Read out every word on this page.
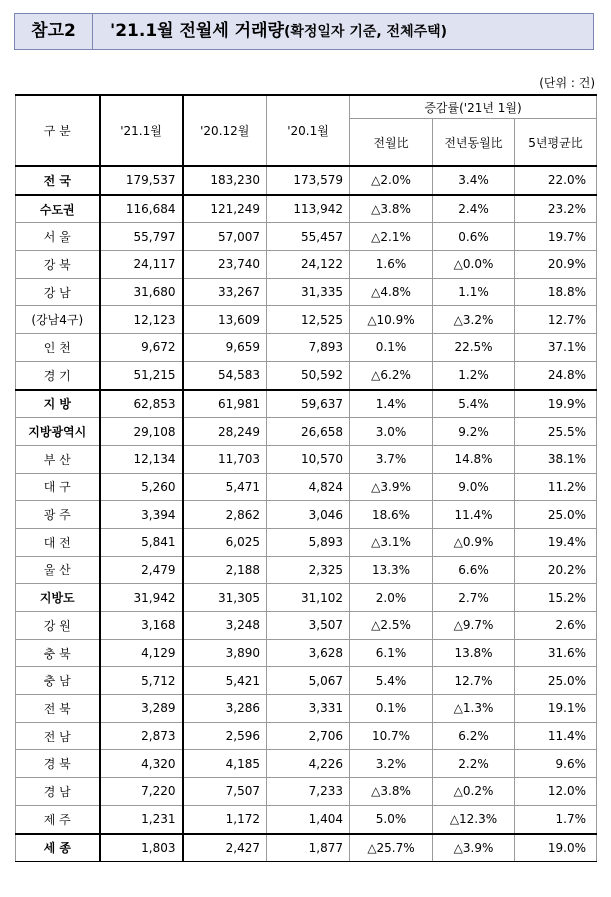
참고2	'21.1월 전월세 거래량(확정일자 기준, 전체주택)
(단위 : 건)
구 분	'21.1월	'20.12월	'20.1월	증감률('21년 1월)		
				전월比	전년동월比	5년평균比
전 국	179,537	183,230	173,579	△2.0%	3.4%	22.0%
수도권	116,684	121,249	113,942	△3.8%	2.4%	23.2%
서 울	55,797	57,007	55,457	△2.1%	0.6%	19.7%
강 북	24,117	23,740	24,122	1.6%	△0.0%	20.9%
강 남	31,680	33,267	31,335	△4.8%	1.1%	18.8%
(강남4구)	12,123	13,609	12,525	△10.9%	△3.2%	12.7%
인 천	9,672	9,659	7,893	0.1%	22.5%	37.1%
경 기	51,215	54,583	50,592	△6.2%	1.2%	24.8%
지 방	62,853	61,981	59,637	1.4%	5.4%	19.9%
지방광역시	29,108	28,249	26,658	3.0%	9.2%	25.5%
부 산	12,134	11,703	10,570	3.7%	14.8%	38.1%
대 구	5,260	5,471	4,824	△3.9%	9.0%	11.2%
광 주	3,394	2,862	3,046	18.6%	11.4%	25.0%
대 전	5,841	6,025	5,893	△3.1%	△0.9%	19.4%
울 산	2,479	2,188	2,325	13.3%	6.6%	20.2%
지방도	31,942	31,305	31,102	2.0%	2.7%	15.2%
강 원	3,168	3,248	3,507	△2.5%	△9.7%	2.6%
충 북	4,129	3,890	3,628	6.1%	13.8%	31.6%
충 남	5,712	5,421	5,067	5.4%	12.7%	25.0%
전 북	3,289	3,286	3,331	0.1%	△1.3%	19.1%
전 남	2,873	2,596	2,706	10.7%	6.2%	11.4%
경 북	4,320	4,185	4,226	3.2%	2.2%	9.6%
경 남	7,220	7,507	7,233	△3.8%	△0.2%	12.0%
제 주	1,231	1,172	1,404	5.0%	△12.3%	1.7%
세 종	1,803	2,427	1,877	△25.7%	△3.9%	19.0%
